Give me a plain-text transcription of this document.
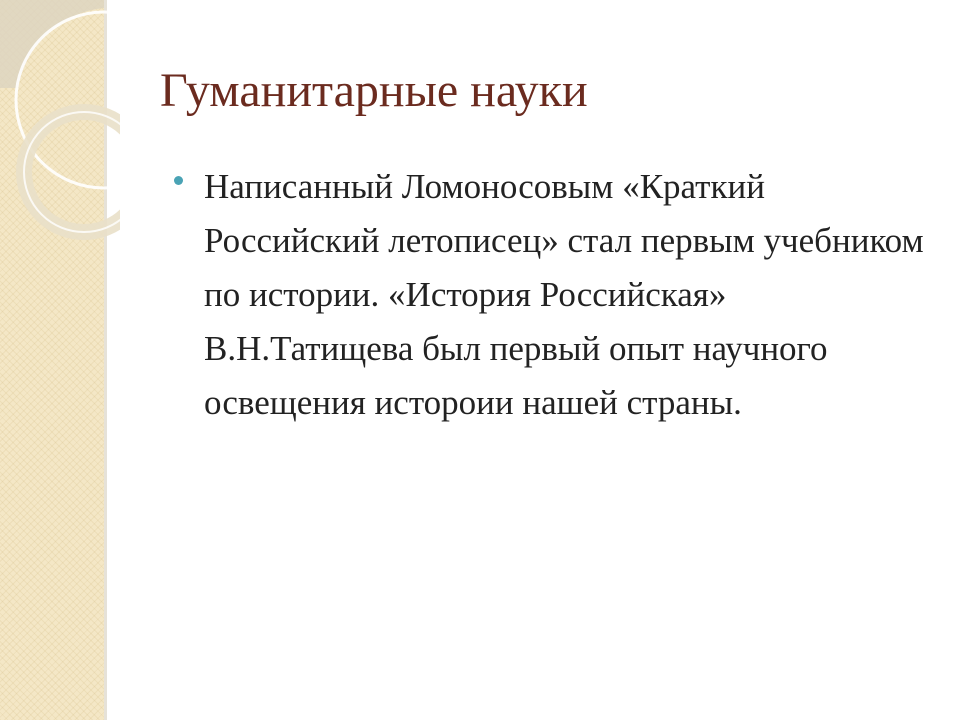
Гуманитарные науки
Написанный Ломоносовым «Краткий Российский летописец» стал первым учебником по истории. «История Российская» В.Н.Татищева был первый опыт научного освещения истороии нашей страны.
